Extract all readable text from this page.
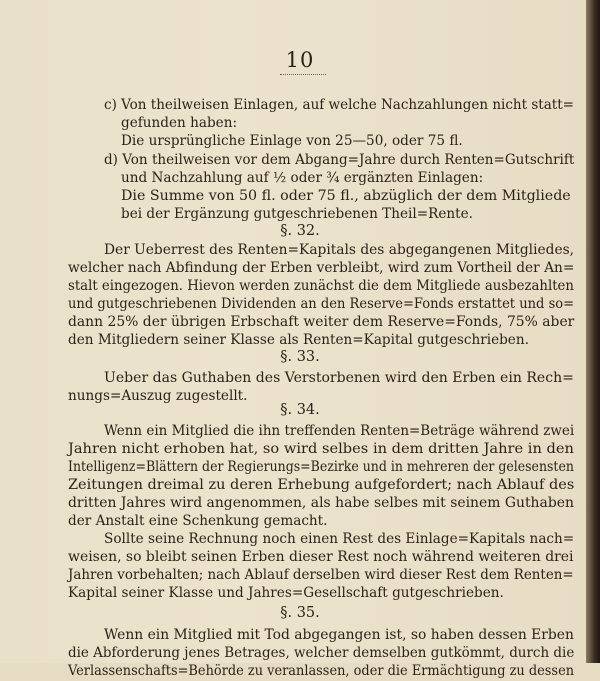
10
c) Von theilweisen Einlagen, auf welche Nachzahlungen nicht statt=
gefunden haben:
Die ursprüngliche Einlage von 25—50, oder 75 fl.
d) Von theilweisen vor dem Abgang=Jahre durch Renten=Gutschrift
und Nachzahlung auf ½ oder ¾ ergänzten Einlagen:
Die Summe von 50 fl. oder 75 fl., abzüglich der dem Mitgliede
bei der Ergänzung gutgeschriebenen Theil=Rente.
§. 32.
Der Ueberrest des Renten=Kapitals des abgegangenen Mitgliedes,
welcher nach Abfindung der Erben verbleibt, wird zum Vortheil der An=
stalt eingezogen. Hievon werden zunächst die dem Mitgliede ausbezahlten
und gutgeschriebenen Dividenden an den Reserve=Fonds erstattet und so=
dann 25% der übrigen Erbschaft weiter dem Reserve=Fonds, 75% aber
den Mitgliedern seiner Klasse als Renten=Kapital gutgeschrieben.
§. 33.
Ueber das Guthaben des Verstorbenen wird den Erben ein Rech=
nungs=Auszug zugestellt.
§. 34.
Wenn ein Mitglied die ihn treffenden Renten=Beträge während zwei
Jahren nicht erhoben hat, so wird selbes in dem dritten Jahre in den
Intelligenz=Blättern der Regierungs=Bezirke und in mehreren der gelesensten
Zeitungen dreimal zu deren Erhebung aufgefordert; nach Ablauf des
dritten Jahres wird angenommen, als habe selbes mit seinem Guthaben
der Anstalt eine Schenkung gemacht.
Sollte seine Rechnung noch einen Rest des Einlage=Kapitals nach=
weisen, so bleibt seinen Erben dieser Rest noch während weiteren drei
Jahren vorbehalten; nach Ablauf derselben wird dieser Rest dem Renten=
Kapital seiner Klasse und Jahres=Gesellschaft gutgeschrieben.
§. 35.
Wenn ein Mitglied mit Tod abgegangen ist, so haben dessen Erben
die Abforderung jenes Betrages, welcher demselben gutkömmt, durch die
Verlassenschafts=Behörde zu veranlassen, oder die Ermächtigung zu dessen
